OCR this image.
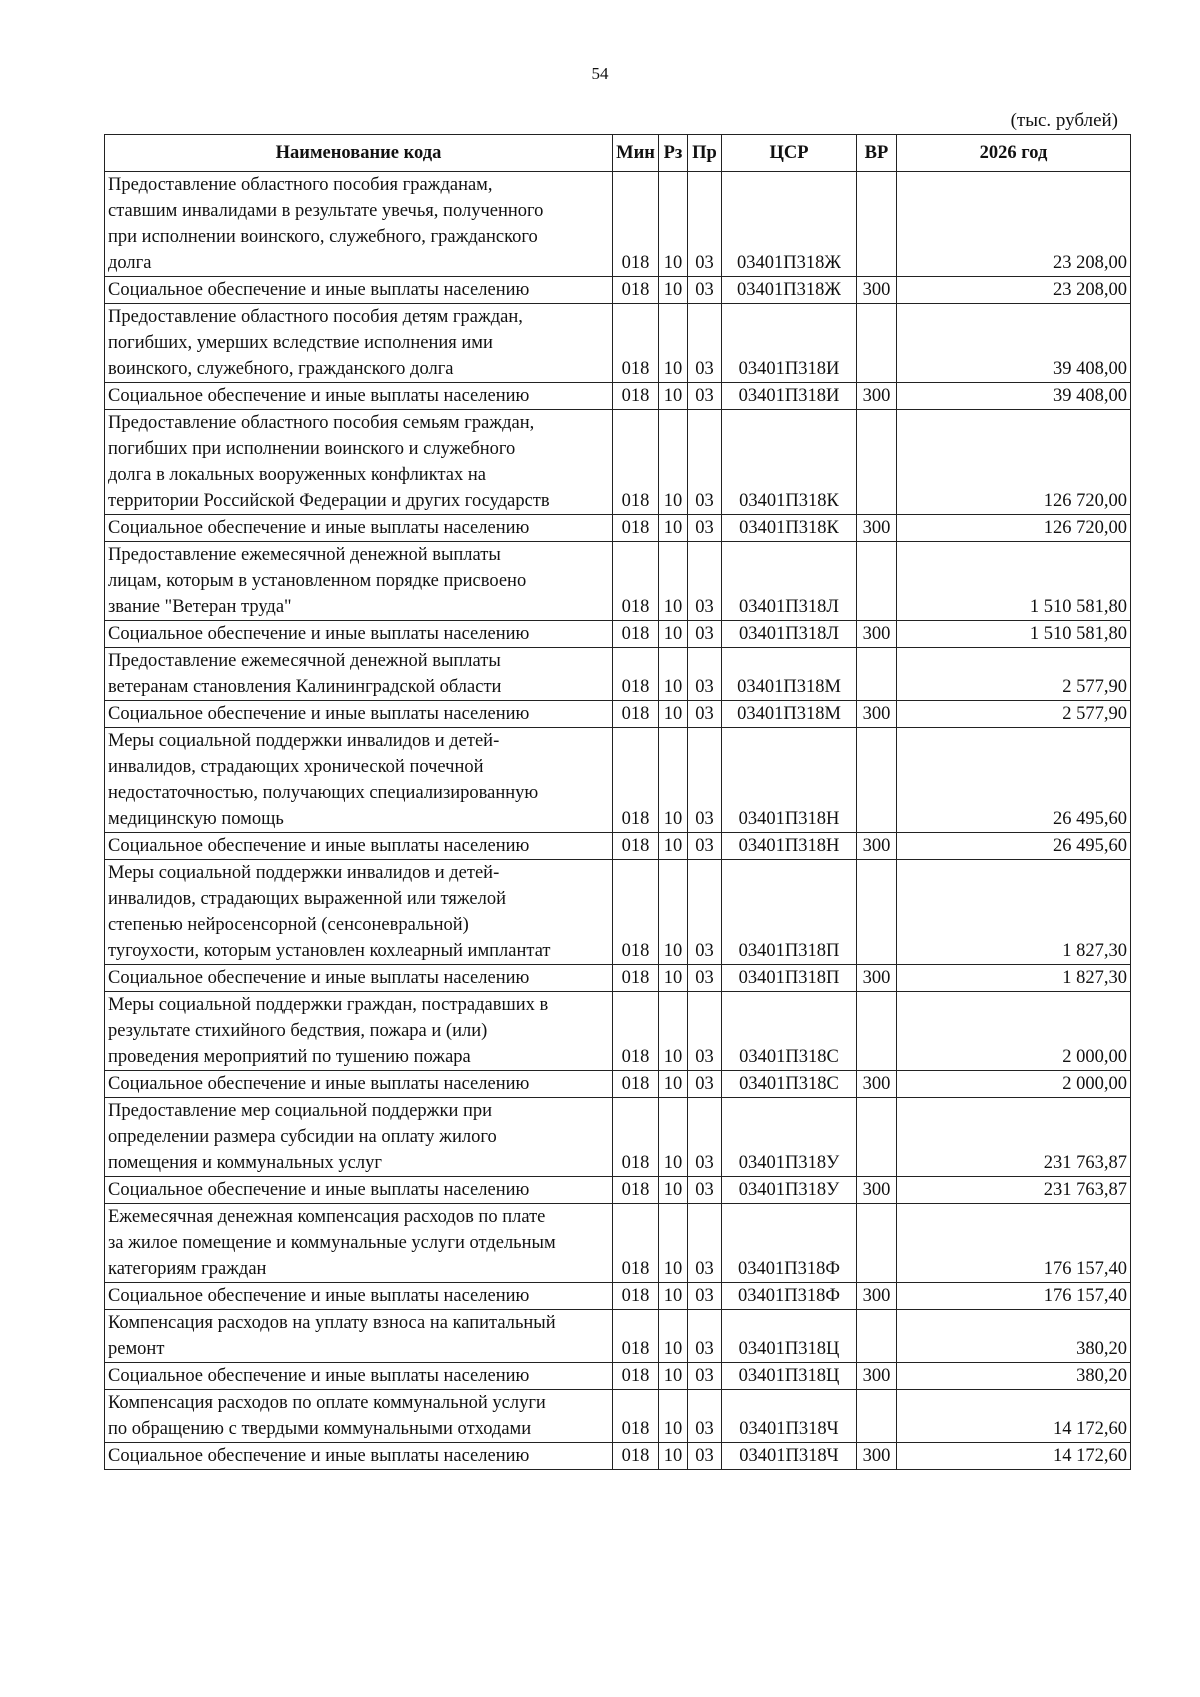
54
(тыс. рублей)
Наименование кода	Мин	Рз	Пр	ЦСР	ВР	2026 год
Предоставление областного пособия гражданам,
ставшим инвалидами в результате увечья, полученного
при исполнении воинского, служебного, гражданского
долга	018	10	03	03401П318Ж		23 208,00
Социальное обеспечение и иные выплаты населению	018	10	03	03401П318Ж	300	23 208,00
Предоставление областного пособия детям граждан,
погибших, умерших вследствие исполнения ими
воинского, служебного, гражданского долга	018	10	03	03401П318И		39 408,00
Социальное обеспечение и иные выплаты населению	018	10	03	03401П318И	300	39 408,00
Предоставление областного пособия семьям граждан,
погибших при исполнении воинского и служебного
долга в локальных вооруженных конфликтах на
территории Российской Федерации и других государств	018	10	03	03401П318К		126 720,00
Социальное обеспечение и иные выплаты населению	018	10	03	03401П318К	300	126 720,00
Предоставление ежемесячной денежной выплаты
лицам, которым в установленном порядке присвоено
звание "Ветеран труда"	018	10	03	03401П318Л		1 510 581,80
Социальное обеспечение и иные выплаты населению	018	10	03	03401П318Л	300	1 510 581,80
Предоставление ежемесячной денежной выплаты
ветеранам становления Калининградской области	018	10	03	03401П318М		2 577,90
Социальное обеспечение и иные выплаты населению	018	10	03	03401П318М	300	2 577,90
Меры социальной поддержки инвалидов и детей-
инвалидов, страдающих хронической почечной
недостаточностью, получающих специализированную
медицинскую помощь	018	10	03	03401П318Н		26 495,60
Социальное обеспечение и иные выплаты населению	018	10	03	03401П318Н	300	26 495,60
Меры социальной поддержки инвалидов и детей-
инвалидов, страдающих выраженной или тяжелой
степенью нейросенсорной (сенсоневральной)
тугоухости, которым установлен кохлеарный имплантат	018	10	03	03401П318П		1 827,30
Социальное обеспечение и иные выплаты населению	018	10	03	03401П318П	300	1 827,30
Меры социальной поддержки граждан, пострадавших в
результате стихийного бедствия, пожара и (или)
проведения мероприятий по тушению пожара	018	10	03	03401П318С		2 000,00
Социальное обеспечение и иные выплаты населению	018	10	03	03401П318С	300	2 000,00
Предоставление мер социальной поддержки при
определении размера субсидии на оплату жилого
помещения и коммунальных услуг	018	10	03	03401П318У		231 763,87
Социальное обеспечение и иные выплаты населению	018	10	03	03401П318У	300	231 763,87
Ежемесячная денежная компенсация расходов по плате
за жилое помещение и коммунальные услуги отдельным
категориям граждан	018	10	03	03401П318Ф		176 157,40
Социальное обеспечение и иные выплаты населению	018	10	03	03401П318Ф	300	176 157,40
Компенсация расходов на уплату взноса на капитальный
ремонт	018	10	03	03401П318Ц		380,20
Социальное обеспечение и иные выплаты населению	018	10	03	03401П318Ц	300	380,20
Компенсация расходов по оплате коммунальной услуги
по обращению с твердыми коммунальными отходами	018	10	03	03401П318Ч		14 172,60
Социальное обеспечение и иные выплаты населению	018	10	03	03401П318Ч	300	14 172,60
